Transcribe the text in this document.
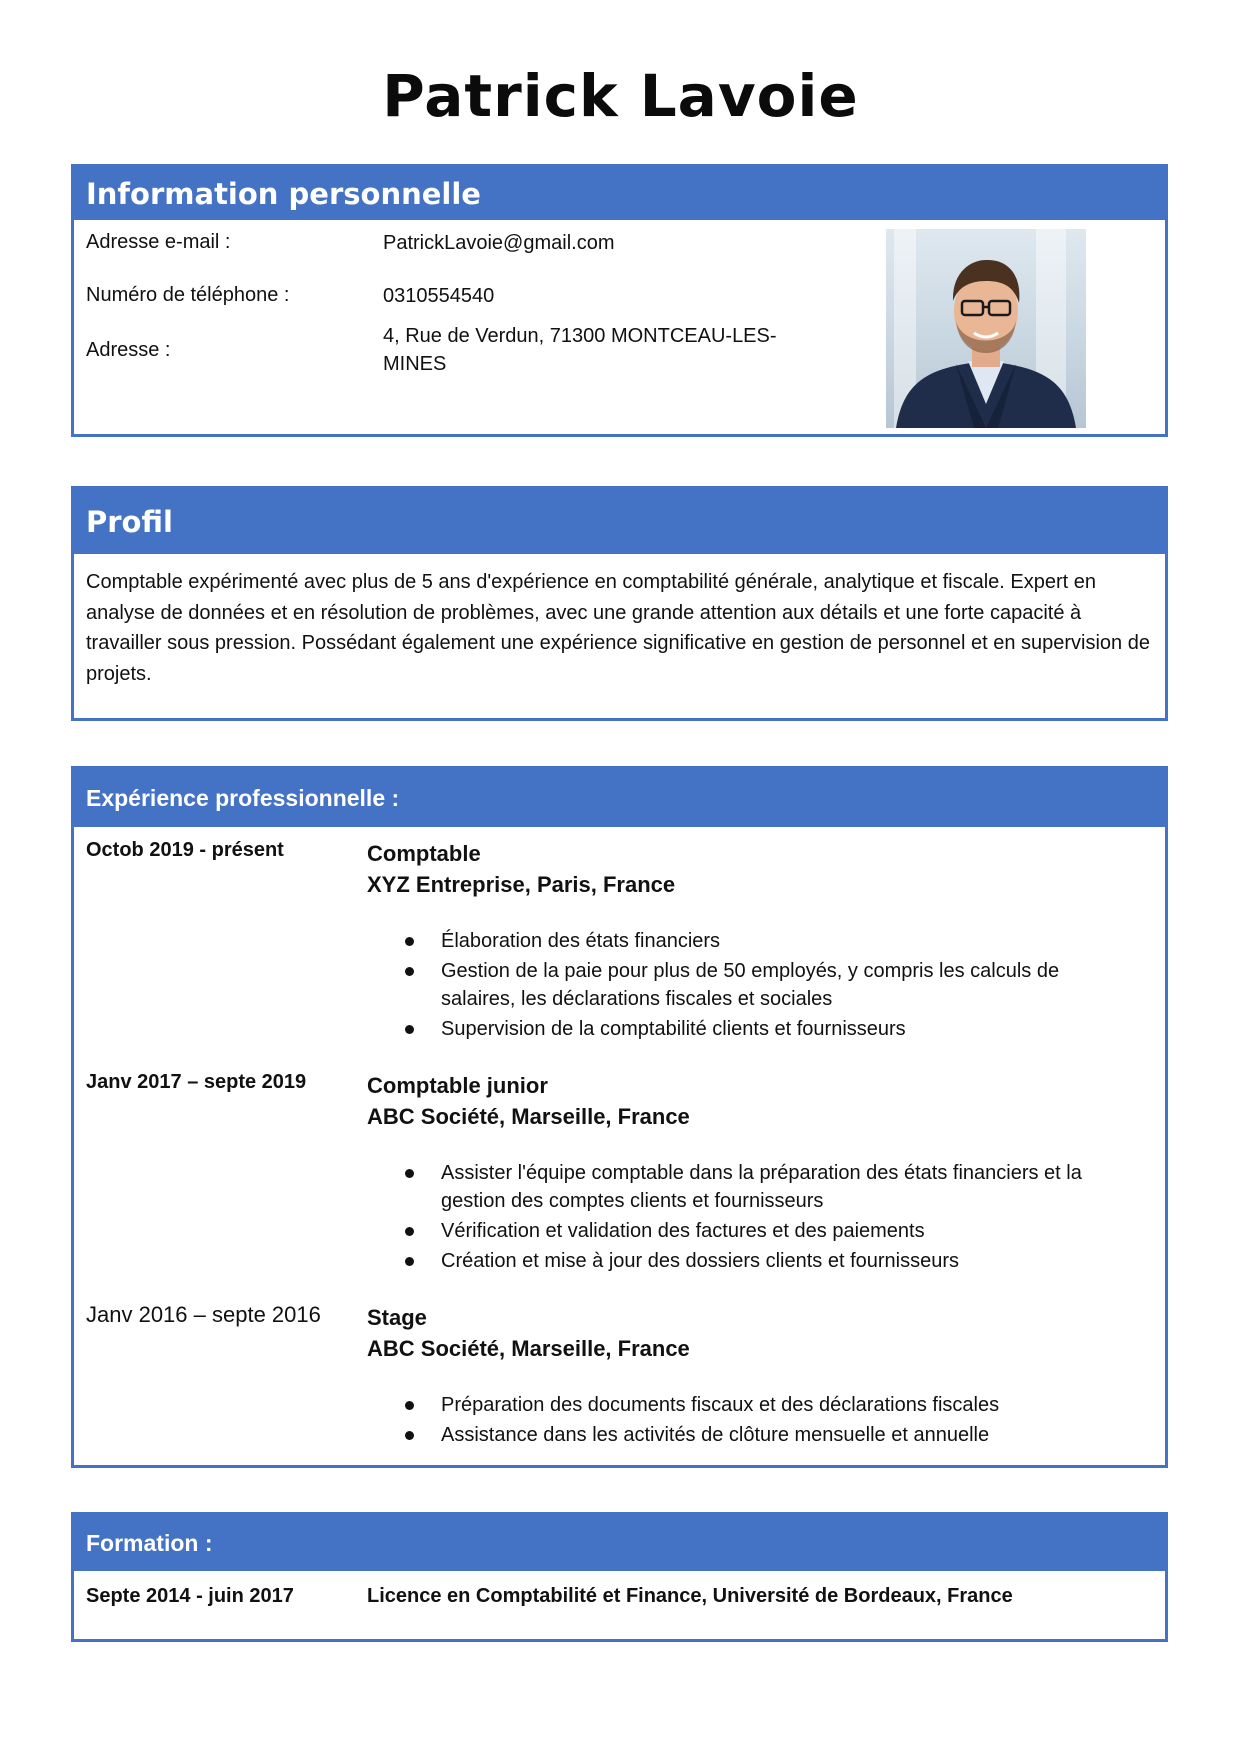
Patrick Lavoie
Information personnelle
Adresse e-mail :	PatrickLavoie@gmail.com
Numéro de téléphone :	0310554540
Adresse :
4, Rue de Verdun, 71300 MONTCEAU-LES-
MINES
Profil
Comptable expérimenté avec plus de 5 ans d'expérience en comptabilité générale, analytique et fiscale. Expert en analyse de données et en résolution de problèmes, avec une grande attention aux détails et une forte capacité à travailler sous pression. Possédant également une expérience significative en gestion de personnel et en supervision de projets.
Expérience professionnelle :
Octob 2019 - présent	Comptable
XYZ Entreprise, Paris, France
Élaboration des états financiers
Gestion de la paie pour plus de 50 employés, y compris les calculs de salaires, les déclarations fiscales et sociales
Supervision de la comptabilité clients et fournisseurs
Janv 2017 – septe 2019	Comptable junior
ABC Société, Marseille, France
Assister l'équipe comptable dans la préparation des états financiers et la gestion des comptes clients et fournisseurs
Vérification et validation des factures et des paiements
Création et mise à jour des dossiers clients et fournisseurs
Janv 2016 – septe 2016 Stage
ABC Société, Marseille, France
Préparation des documents fiscaux et des déclarations fiscales
Assistance dans les activités de clôture mensuelle et annuelle
Formation :
Septe 2014 - juin 2017	Licence en Comptabilité et Finance, Université de Bordeaux, France
